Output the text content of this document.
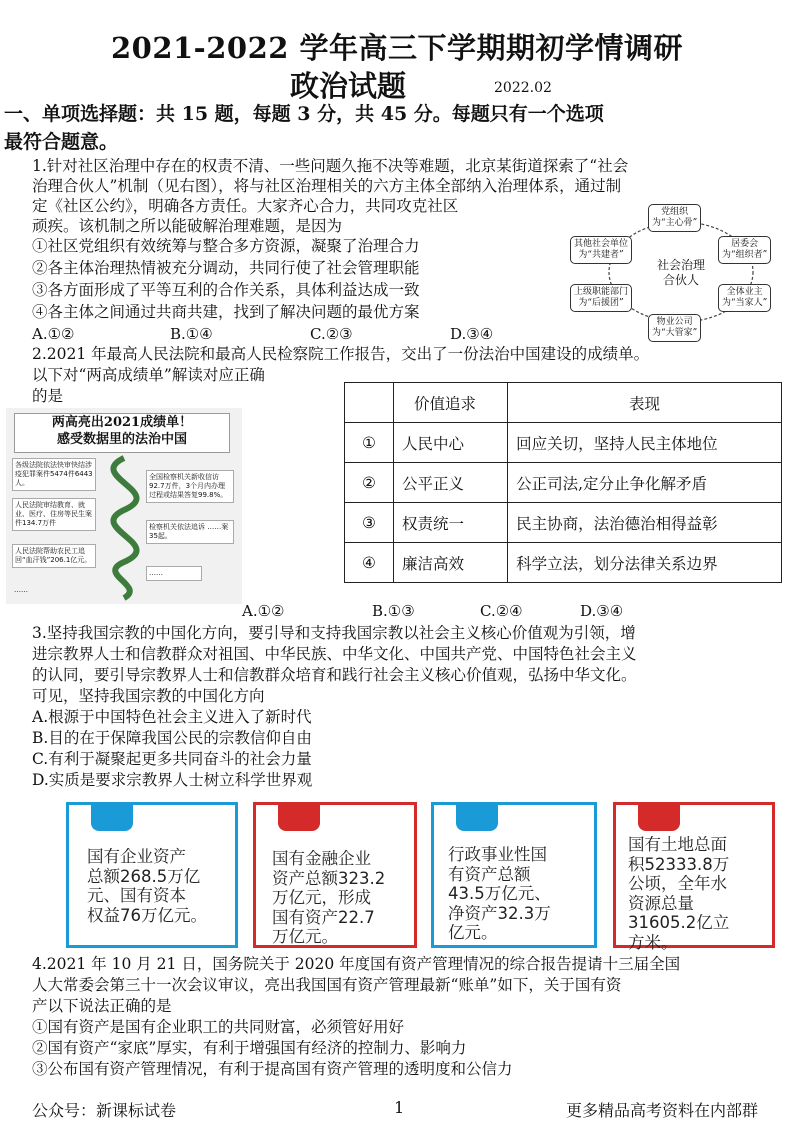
2021-2022 学年高三下学期期初学情调研
政治试题	2022.02
一、单项选择题：共 15 题，每题 3 分，共 45 分。每题只有一个选项
最符合题意。
1.针对社区治理中存在的权责不清、一些问题久拖不决等难题，北京某街道探索了“社会
治理合伙人”机制（见右图），将与社区治理相关的六方主体全部纳入治理体系，通过制
定《社区公约》，明确各方责任。大家齐心合力，共同攻克社区
顽疾。该机制之所以能破解治理难题，是因为
①社区党组织有效统筹与整合多方资源，凝聚了治理合力
②各主体治理热情被充分调动，共同行使了社会管理职能
③各方面形成了平等互利的合作关系，具体利益达成一致
④各主体之间通过共商共建，找到了解决问题的最优方案
A.①②	B.①④	C.②③	D.③④
社会治理
合伙人
党组织
为“主心骨”
居委会
为“组织者”
全体业主
为“当家人”
物业公司
为“大管家”
上级职能部门
为“后援团”
其他社会单位
为“共建者”
2.2021 年最高人民法院和最高人民检察院工作报告，交出了一份法治中国建设的成绩单。
以下对“两高成绩单”解读对应正确
的是
两高亮出2021成绩单！
感受数据里的法治中国
各级法院依法快审快结涉疫犯罪案件5474件6443人。
人民法院审结教育、就业、医疗、住房等民生案件134.7万件
人民法院帮助农民工追回“血汗钱”206.1亿元。
……
全国检察机关新收信访92.7万件，3个月内办理过程或结果答复99.8%。
检察机关依法追诉 ……案35起。
……
	价值追求	表现
①	人民中心	回应关切，坚持人民主体地位
②	公平正义	公正司法,定分止争化解矛盾
③	权责统一	民主协商，法治德治相得益彰
④	廉洁高效	科学立法，划分法律关系边界
A.①②	B.①③	C.②④	D.③④
3.坚持我国宗教的中国化方向，要引导和支持我国宗教以社会主义核心价值观为引领，增
进宗教界人士和信教群众对祖国、中华民族、中华文化、中国共产党、中国特色社会主义
的认同，要引导宗教界人士和信教群众培育和践行社会主义核心价值观，弘扬中华文化。
可见，坚持我国宗教的中国化方向
A.根源于中国特色社会主义进入了新时代
B.目的在于保障我国公民的宗教信仰自由
C.有利于凝聚起更多共同奋斗的社会力量
D.实质是要求宗教界人士树立科学世界观
国有企业资产
总额268.5万亿
元、国有资本
权益76万亿元。
国有金融企业
资产总额323.2
万亿元，形成
国有资产22.7
万亿元。
行政事业性国
有资产总额
43.5万亿元、
净资产32.3万
亿元。
国有土地总面
积52333.8万
公顷，全年水
资源总量
31605.2亿立
方米。
4.2021 年 10 月 21 日，国务院关于 2020 年度国有资产管理情况的综合报告提请十三届全国
人大常委会第三十一次会议审议，亮出我国国有资产管理最新“账单”如下，关于国有资
产以下说法正确的是
①国有资产是国有企业职工的共同财富，必须管好用好
②国有资产“家底”厚实，有利于增强国有经济的控制力、影响力
③公布国有资产管理情况，有利于提高国有资产管理的透明度和公信力
公众号：新课标试卷	1	更多精品高考资料在内部群
